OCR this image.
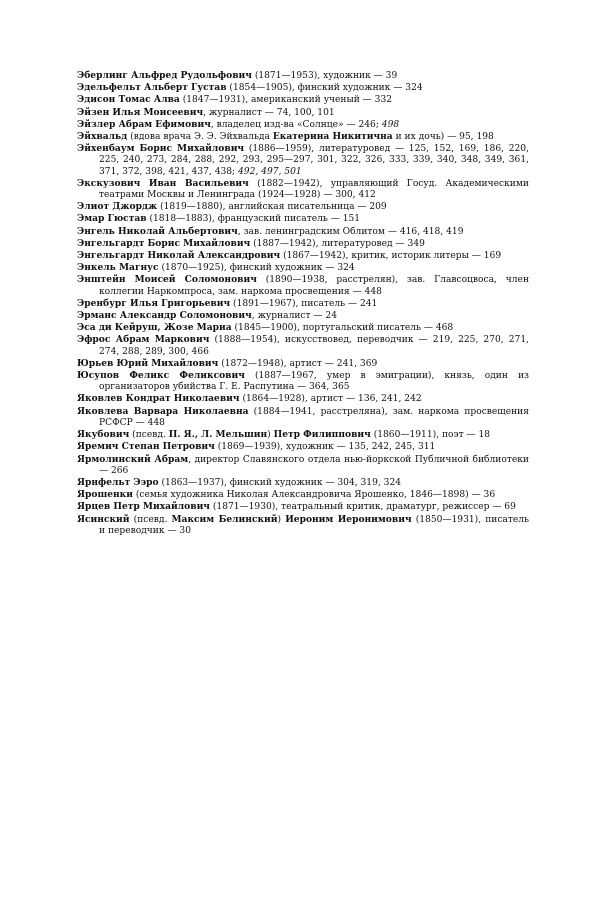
Эберлинг Альфред Рудольфович (1871—1953), художник — 39

Эдельфельт Альберт Густав (1854—1905), финский художник — 324

Эдисон Томас Алва (1847—1931), американский ученый — 332

Эйзен Илья Моисеевич, журналист — 74, 100, 101

Эйзлер Абрам Ефимович, владелец изд-ва «Солнце» — 246; 498

Эйхвальд (вдова врача Э. Э. Эйхвальда Екатерина Никитична и их дочь) — 95, 198

Эйхенбаум Борис Михайлович (1886—1959), литературовед — 125, 152, 169, 186, 220, 225, 240, 273, 284, 288, 292, 293, 295—297, 301, 322, 326, 333, 339, 340, 348, 349, 361, 371, 372, 398, 421, 437, 438; 492, 497, 501

Экскузович Иван Васильевич (1882—1942), управляющий Госуд. Академическими театрами Москвы и Ленинграда (1924—1928) — 300, 412

Элиот Джордж (1819—1880), английская писательница — 209

Эмар Гюстав (1818—1883), французский писатель — 151

Энгель Николай Альбертович, зав. ленинградским Облитом — 416, 418, 419

Энгельгардт Борис Михайлович (1887—1942), литературовед — 349

Энгельгардт Николай Александрович (1867—1942), критик, историк литеры — 169

Энкель Магнус (1870—1925), финский художник — 324

Энштейн Моисей Соломонович (1890—1938, расстрелян), зав. Главсоцвоса, член коллегии Наркомпроса, зам. наркома просвещения — 448

Эренбург Илья Григорьевич (1891—1967), писатель — 241

Эрманс Александр Соломонович, журналист — 24

Эса ди Кейруш, Жозе Мариа (1845—1900), португальский писатель — 468

Эфрос Абрам Маркович (1888—1954), искусствовед, переводчик — 219, 225, 270, 271, 274, 288, 289, 300, 466

Юрьев Юрий Михайлович (1872—1948), артист — 241, 369

Юсупов Феликс Феликсович (1887—1967, умер в эмиграции), князь, один из организаторов убийства Г. Е. Распутина — 364, 365

Яковлев Кондрат Николаевич (1864—1928), артист — 136, 241, 242

Яковлева Варвара Николаевна (1884—1941, расстреляна), зам. наркома просвещения РСФСР — 448

Якубович (псевд. П. Я., Л. Мельшин) Петр Филиппович (1860—1911), поэт — 18

Яремич Степан Петрович (1869—1939), художник — 135, 242, 245, 311

Ярмолинский Абрам, директор Славянского отдела нью-йоркской Публичной библиотеки — 266

Ярнфельт Ээро (1863—1937), финский художник — 304, 319, 324

Ярошенки (семья художника Николая Александровича Ярошенко, 1846—1898) — 36

Ярцев Петр Михайлович (1871—1930), театральный критик, драматург, режиссер — 69

Ясинский (псевд. Максим Белинский) Иероним Иеронимович (1850—1931), писатель и переводчик — 30
